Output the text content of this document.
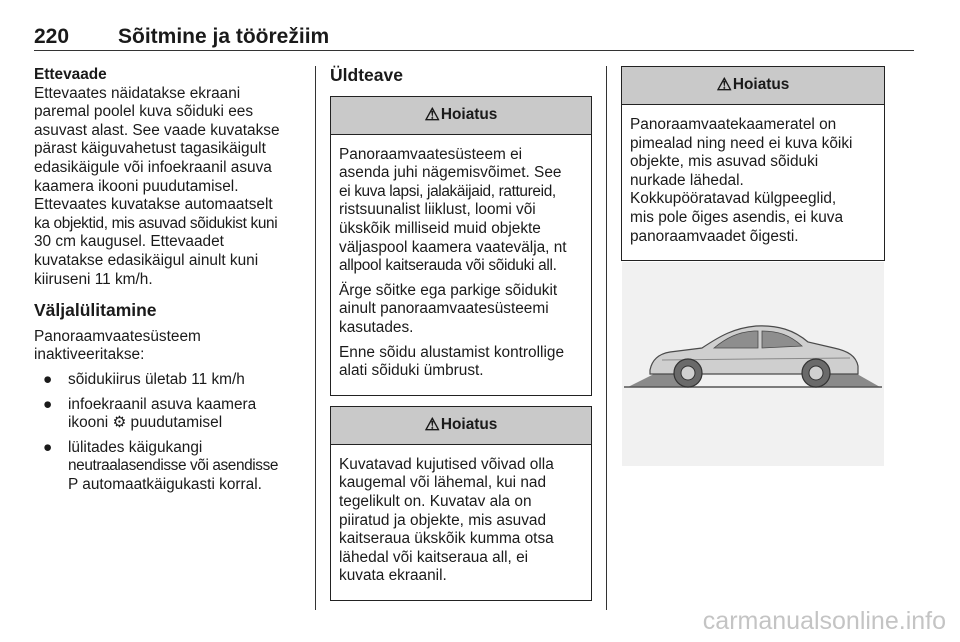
220 Sõitmine ja töörežiim
Ettevaade

Ettevaates näidatakse ekraani
paremal poolel kuva sõiduki ees
asuvast alast. See vaade kuvatakse
pärast käiguvahetust tagasikäigult
edasikäigule või infoekraanil asuva
kaamera ikooni puudutamisel.
Ettevaates kuvatakse automaatselt
ka objektid, mis asuvad sõidukist kuni
30 cm kaugusel. Ettevaadet
kuvatakse edasikäigul ainult kuni
kiiruseni 11 km/h.

Väljalülitamine

Panoraamvaatesüsteem
inaktiveeritakse:

● sõidukiirus ületab 11 km/h
● infoekraanil asuva kaamera
ikooni ⚙ puudutamisel
● lülitades käigukangi
neutraalasendisse või asendisse
P automaatkäigukasti korral.
Üldteave
⚠ Hoiatus

Panoraamvaatesüsteem ei
asenda juhi nägemisvõimet. See
ei kuva lapsi, jalakäijaid, rattureid,
ristsuunalist liiklust, loomi või
ükskõik milliseid muid objekte
väljaspool kaamera vaatevälja, nt
allpool kaitserauda või sõiduki all.

Ärge sõitke ega parkige sõidukit
ainult panoraamvaatesüsteemi
kasutades.

Enne sõidu alustamist kontrollige
alati sõiduki ümbrust.

⚠ Hoiatus

Kuvatavad kujutised võivad olla
kaugemal või lähemal, kui nad
tegelikult on. Kuvatav ala on
piiratud ja objekte, mis asuvad
kaitseraua ükskõik kumma otsa
lähedal või kaitseraua all, ei
kuvata ekraanil.

⚠ Hoiatus

Panoraamvaatekaameratel on
pimealad ning need ei kuva kõiki
objekte, mis asuvad sõiduki
nurkade lähedal.
Kokkupööratavad külgpeeglid,
mis pole õiges asendis, ei kuva
panoraamvaadet õigesti.

carmanualsonline.info
